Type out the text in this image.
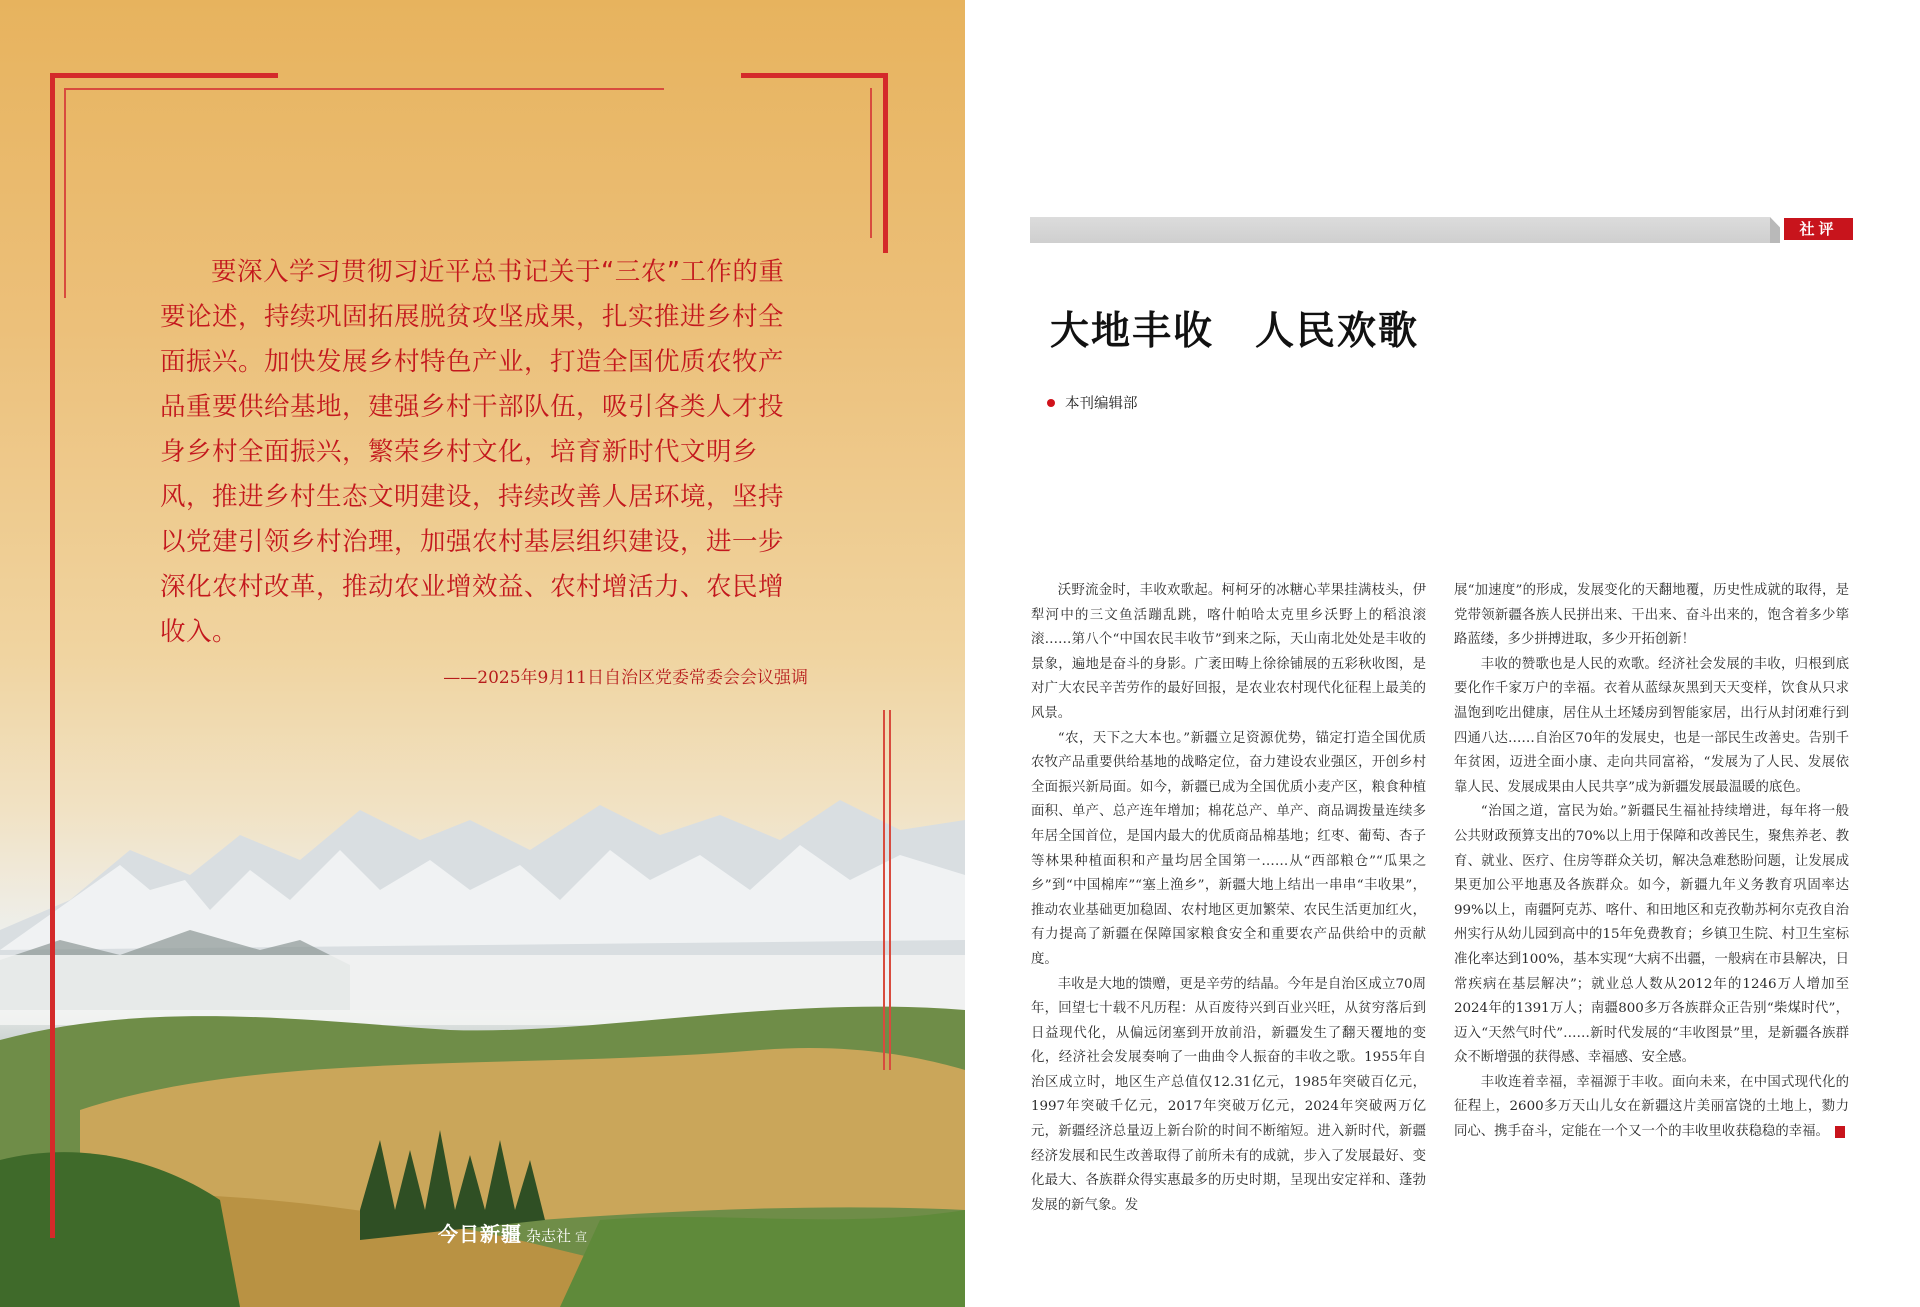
要深入学习贯彻习近平总书记关于“三农”工作的重要论述，持续巩固拓展脱贫攻坚成果，扎实推进乡村全面振兴。加快发展乡村特色产业，打造全国优质农牧产品重要供给基地，建强乡村干部队伍，吸引各类人才投身乡村全面振兴，繁荣乡村文化，培育新时代文明乡风，推进乡村生态文明建设，持续改善人居环境，坚持以党建引领乡村治理，加强农村基层组织建设，进一步深化农村改革，推动农业增效益、农村增活力、农民增收入。

——2025年9月11日自治区党委常委会会议强调
今日新疆 杂志社 宣
社评
大地丰收　人民欢歌
本刊编辑部

沃野流金时，丰收欢歌起。柯柯牙的冰糖心苹果挂满枝头，伊犁河中的三文鱼活蹦乱跳，喀什帕哈太克里乡沃野上的稻浪滚滚……第八个“中国农民丰收节”到来之际，天山南北处处是丰收的景象，遍地是奋斗的身影。广袤田畴上徐徐铺展的五彩秋收图，是对广大农民辛苦劳作的最好回报，是农业农村现代化征程上最美的风景。

“农，天下之大本也。”新疆立足资源优势，锚定打造全国优质农牧产品重要供给基地的战略定位，奋力建设农业强区，开创乡村全面振兴新局面。如今，新疆已成为全国优质小麦产区，粮食种植面积、单产、总产连年增加；棉花总产、单产、商品调拨量连续多年居全国首位，是国内最大的优质商品棉基地；红枣、葡萄、杏子等林果种植面积和产量均居全国第一……从“西部粮仓”“瓜果之乡”到“中国棉库”“塞上渔乡”，新疆大地上结出一串串“丰收果”，推动农业基础更加稳固、农村地区更加繁荣、农民生活更加红火，有力提高了新疆在保障国家粮食安全和重要农产品供给中的贡献度。

丰收是大地的馈赠，更是辛劳的结晶。今年是自治区成立70周年，回望七十载不凡历程：从百废待兴到百业兴旺，从贫穷落后到日益现代化，从偏远闭塞到开放前沿，新疆发生了翻天覆地的变化，经济社会发展奏响了一曲曲令人振奋的丰收之歌。1955年自治区成立时，地区生产总值仅12.31亿元，1985年突破百亿元，1997年突破千亿元，2017年突破万亿元，2024年突破两万亿元，新疆经济总量迈上新台阶的时间不断缩短。进入新时代，新疆经济发展和民生改善取得了前所未有的成就，步入了发展最好、变化最大、各族群众得实惠最多的历史时期，呈现出安定祥和、蓬勃发展的新气象。发

展“加速度”的形成，发展变化的天翻地覆，历史性成就的取得，是党带领新疆各族人民拼出来、干出来、奋斗出来的，饱含着多少筚路蓝缕，多少拼搏进取，多少开拓创新！

丰收的赞歌也是人民的欢歌。经济社会发展的丰收，归根到底要化作千家万户的幸福。衣着从蓝绿灰黑到天天变样，饮食从只求温饱到吃出健康，居住从土坯矮房到智能家居，出行从封闭难行到四通八达……自治区70年的发展史，也是一部民生改善史。告别千年贫困，迈进全面小康、走向共同富裕，“发展为了人民、发展依靠人民、发展成果由人民共享”成为新疆发展最温暖的底色。

“治国之道，富民为始。”新疆民生福祉持续增进，每年将一般公共财政预算支出的70%以上用于保障和改善民生，聚焦养老、教育、就业、医疗、住房等群众关切，解决急难愁盼问题，让发展成果更加公平地惠及各族群众。如今，新疆九年义务教育巩固率达99%以上，南疆阿克苏、喀什、和田地区和克孜勒苏柯尔克孜自治州实行从幼儿园到高中的15年免费教育；乡镇卫生院、村卫生室标准化率达到100%，基本实现“大病不出疆，一般病在市县解决，日常疾病在基层解决”；就业总人数从2012年的1246万人增加至2024年的1391万人；南疆800多万各族群众正告别“柴煤时代”，迈入“天然气时代”……新时代发展的“丰收图景”里，是新疆各族群众不断增强的获得感、幸福感、安全感。

丰收连着幸福，幸福源于丰收。面向未来，在中国式现代化的征程上，2600多万天山儿女在新疆这片美丽富饶的土地上，勠力同心、携手奋斗，定能在一个又一个的丰收里收获稳稳的幸福。	J
